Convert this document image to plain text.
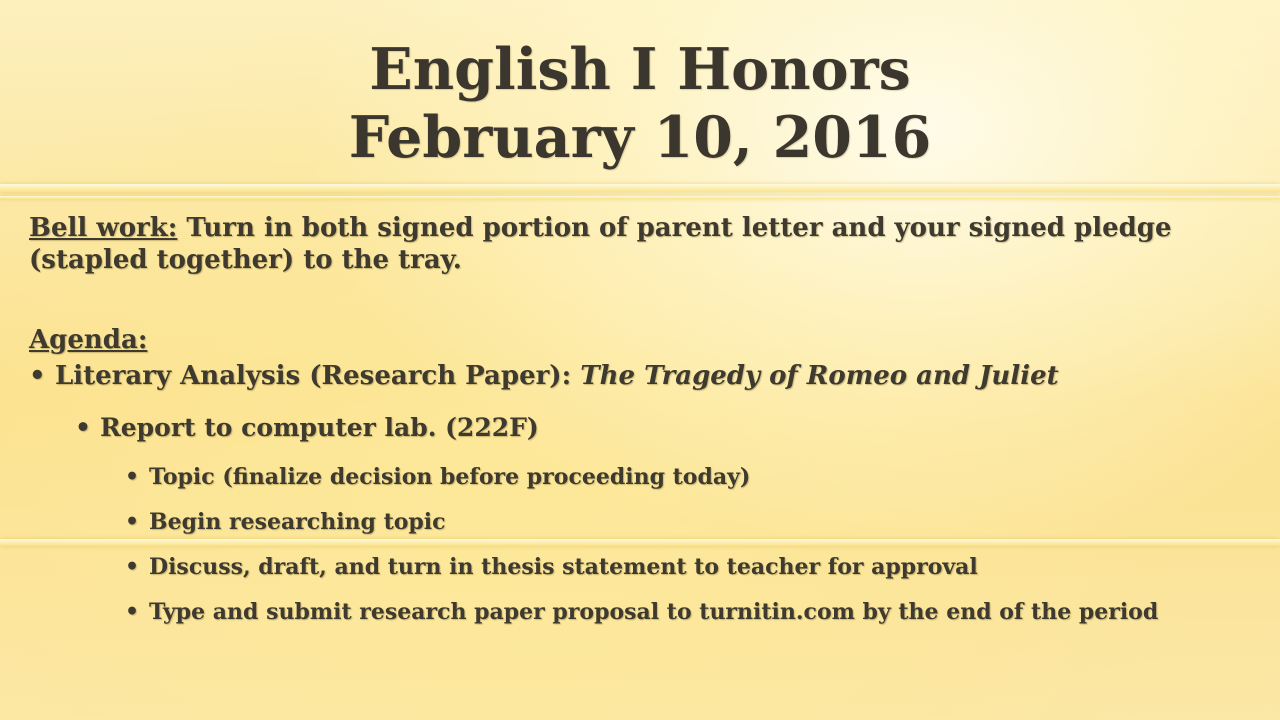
English I Honors
February 10, 2016
Bell work: Turn in both signed portion of parent letter and your signed pledge (stapled together) to the tray.
Agenda:
• Literary Analysis (Research Paper): The Tragedy of Romeo and Juliet
• Report to computer lab. (222F)
• Topic (finalize decision before proceeding today)
• Begin researching topic
• Discuss, draft, and turn in thesis statement to teacher for approval
• Type and submit research paper proposal to turnitin.com by the end of the period
